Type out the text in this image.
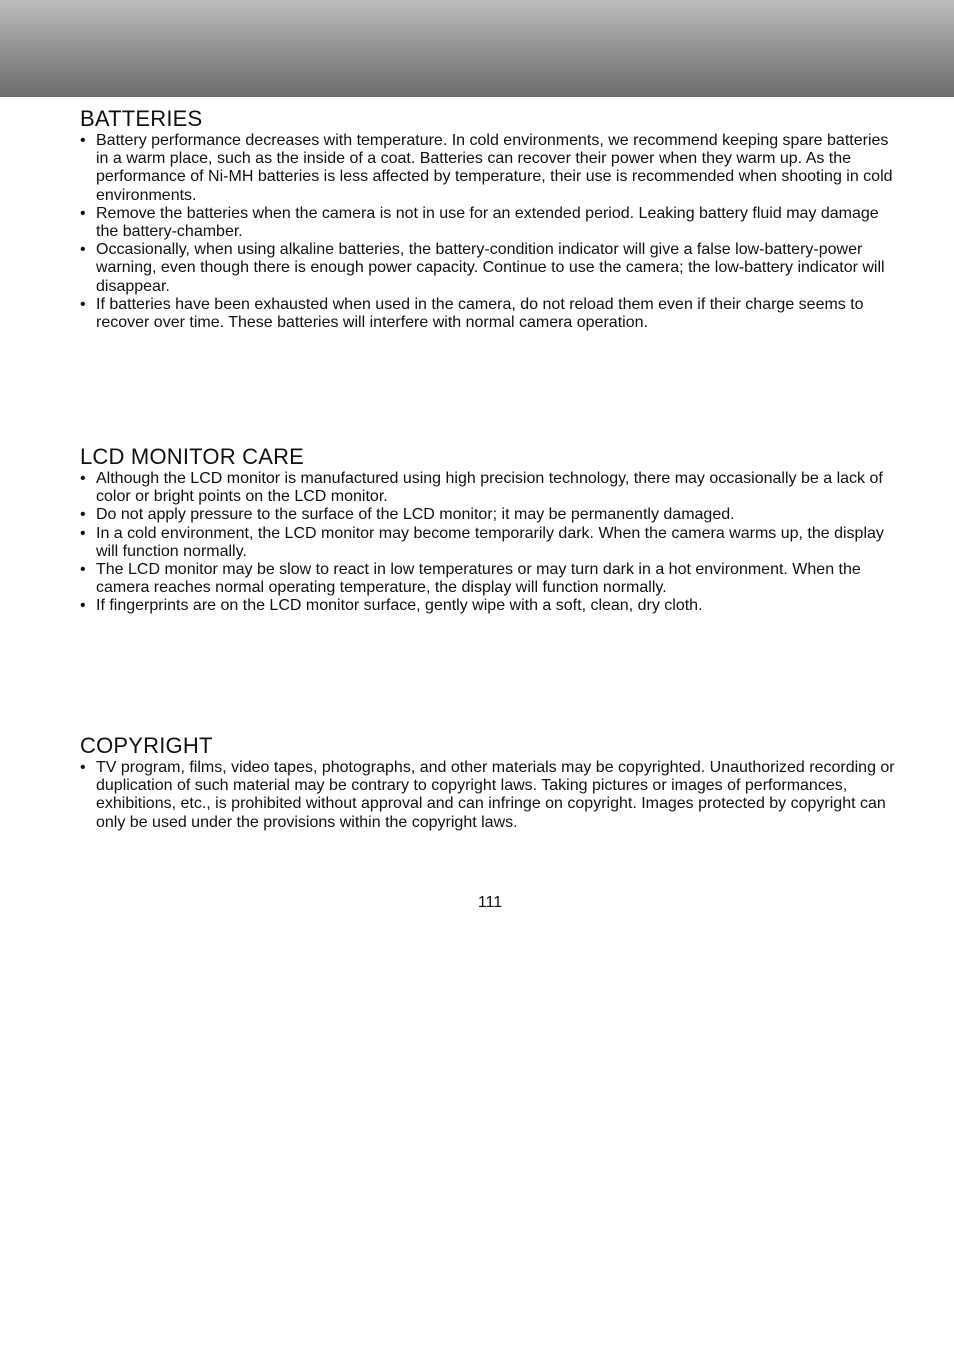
BATTERIES
• Battery performance decreases with temperature. In cold environments, we recommend keeping spare batteries in a warm place, such as the inside of a coat. Batteries can recover their power when they warm up. As the performance of Ni-MH batteries is less affected by temperature, their use is recommended when shooting in cold environments.
• Remove the batteries when the camera is not in use for an extended period. Leaking battery fluid may damage the battery-chamber.
• Occasionally, when using alkaline batteries, the battery-condition indicator will give a false low-battery-power warning, even though there is enough power capacity. Continue to use the camera; the low-battery indicator will disappear.
• If batteries have been exhausted when used in the camera, do not reload them even if their charge seems to recover over time. These batteries will interfere with normal camera operation.
LCD MONITOR CARE
• Although the LCD monitor is manufactured using high precision technology, there may occasionally be a lack of color or bright points on the LCD monitor.
• Do not apply pressure to the surface of the LCD monitor; it may be permanently damaged.
• In a cold environment, the LCD monitor may become temporarily dark. When the camera warms up, the display will function normally.
• The LCD monitor may be slow to react in low temperatures or may turn dark in a hot environment. When the camera reaches normal operating temperature, the display will function normally.
• If fingerprints are on the LCD monitor surface, gently wipe with a soft, clean, dry cloth.
COPYRIGHT
• TV program, films, video tapes, photographs, and other materials may be copyrighted. Unauthorized recording or duplication of such material may be contrary to copyright laws. Taking pictures or images of performances, exhibitions, etc., is prohibited without approval and can infringe on copyright. Images protected by copyright can only be used under the provisions within the copyright laws.
111
